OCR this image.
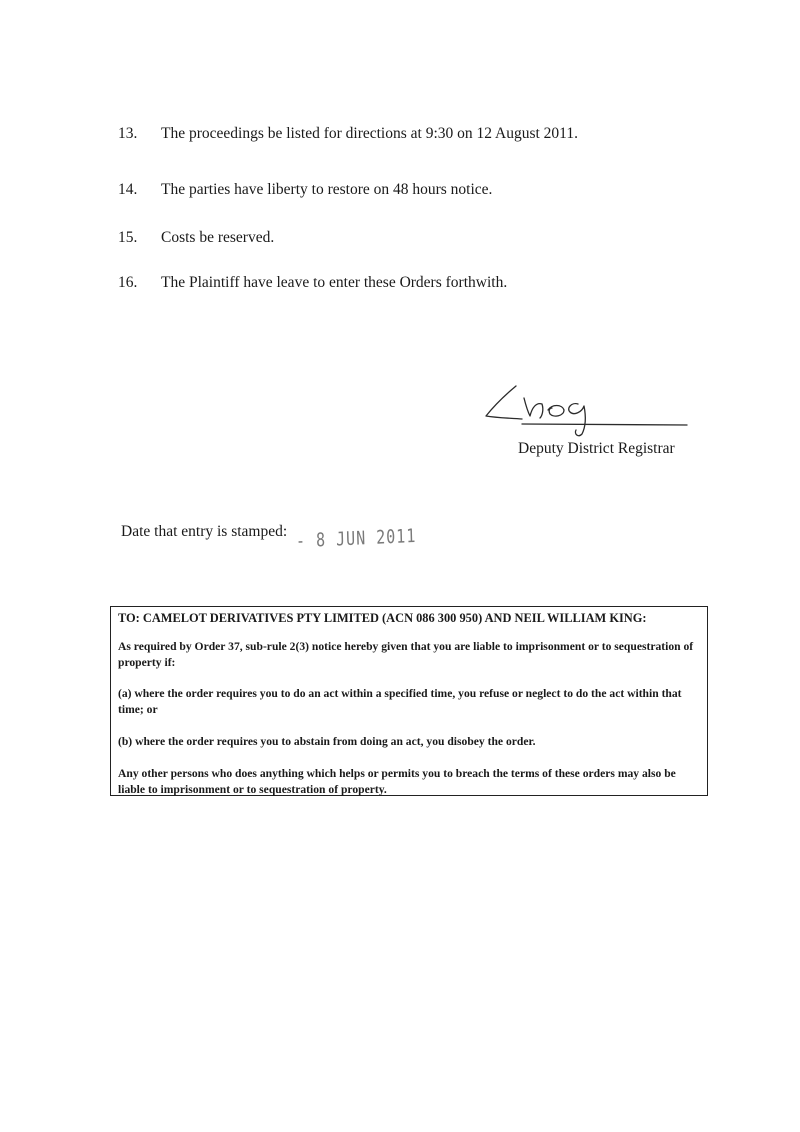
13. The proceedings be listed for directions at 9:30 on 12 August 2011.
14. The parties have liberty to restore on 48 hours notice.
15. Costs be reserved.
16. The Plaintiff have leave to enter these Orders forthwith.
Deputy District Registrar
Date that entry is stamped: - 8 JUN 2011
TO: CAMELOT DERIVATIVES PTY LIMITED (ACN 086 300 950) AND NEIL WILLIAM KING:
As required by Order 37, sub-rule 2(3) notice hereby given that you are liable to imprisonment or to sequestration of property if:
(a) where the order requires you to do an act within a specified time, you refuse or neglect to do the act within that time; or
(b) where the order requires you to abstain from doing an act, you disobey the order.
Any other persons who does anything which helps or permits you to breach the terms of these orders may also be liable to imprisonment or to sequestration of property.
